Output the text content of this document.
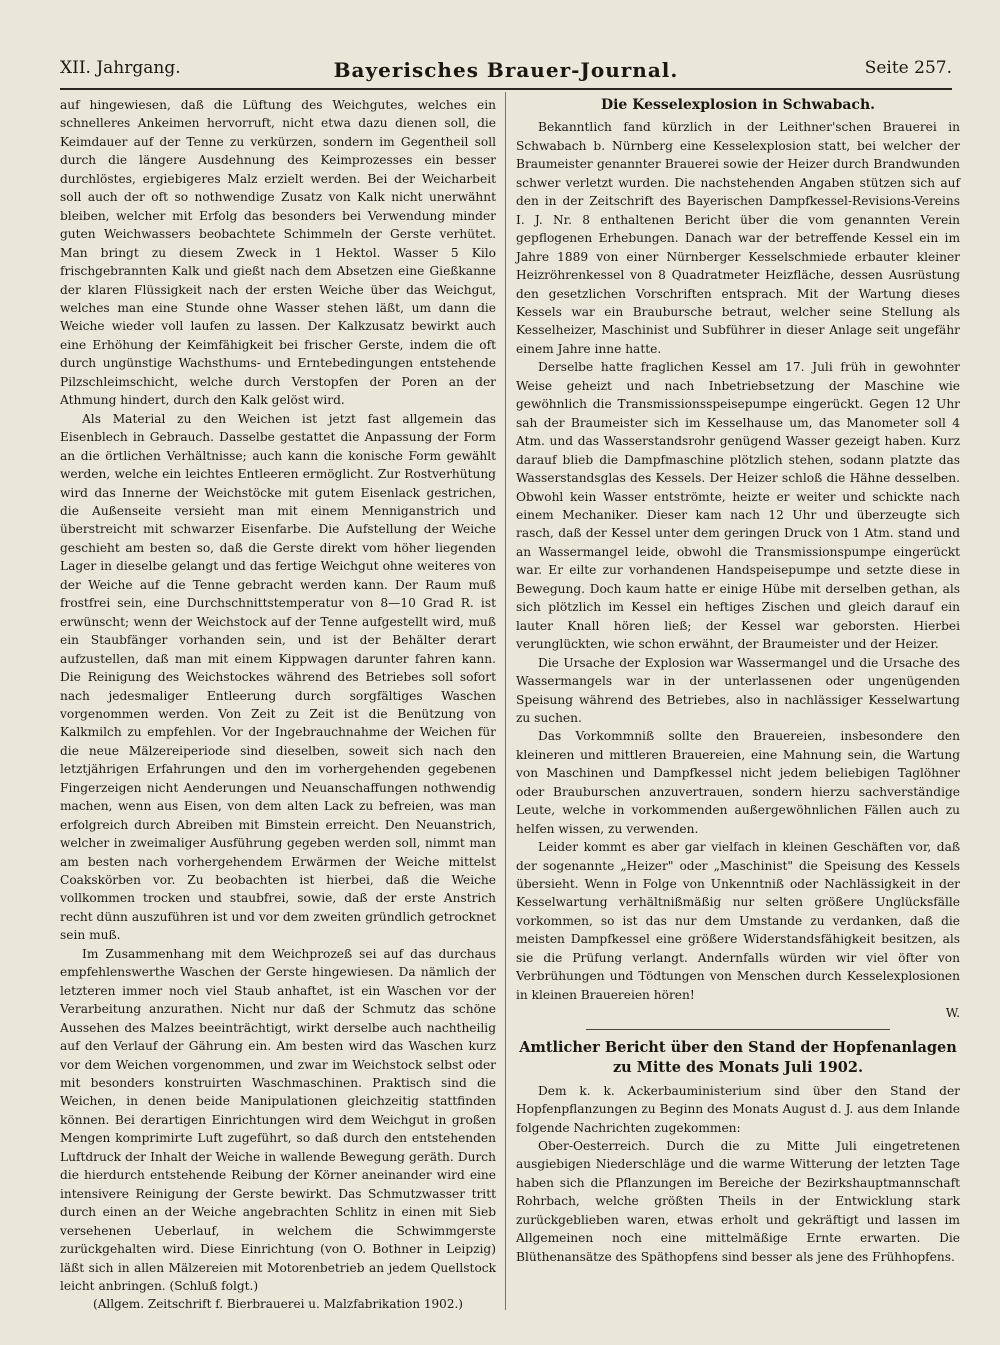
XII. Jahrgang.	Bayerisches Brauer-Journal.	Seite 257.

auf hingewiesen, daß die Lüftung des Weichgutes, welches ein schnelleres Ankeimen hervorruft, nicht etwa dazu dienen soll, die Keimdauer auf der Tenne zu verkürzen, sondern im Gegentheil soll durch die längere Ausdehnung des Keimprozesses ein besser durchlöstes, ergiebigeres Malz erzielt werden. Bei der Weicharbeit soll auch der oft so nothwendige Zusatz von Kalk nicht unerwähnt bleiben, welcher mit Erfolg das besonders bei Verwendung minder guten Weichwassers beobachtete Schimmeln der Gerste verhütet. Man bringt zu diesem Zweck in 1 Hektol. Wasser 5 Kilo frischgebrannten Kalk und gießt nach dem Absetzen eine Gießkanne der klaren Flüssigkeit nach der ersten Weiche über das Weichgut, welches man eine Stunde ohne Wasser stehen läßt, um dann die Weiche wieder voll laufen zu lassen. Der Kalkzusatz bewirkt auch eine Erhöhung der Keimfähigkeit bei frischer Gerste, indem die oft durch ungünstige Wachsthums- und Erntebedingungen entstehende Pilzschleimschicht, welche durch Verstopfen der Poren an der Athmung hindert, durch den Kalk gelöst wird.

Als Material zu den Weichen ist jetzt fast allgemein das Eisenblech in Gebrauch. Dasselbe gestattet die Anpassung der Form an die örtlichen Verhältnisse; auch kann die konische Form gewählt werden, welche ein leichtes Entleeren ermöglicht. Zur Rostverhütung wird das Innerne der Weichstöcke mit gutem Eisenlack gestrichen, die Außenseite versieht man mit einem Menniganstrich und überstreicht mit schwarzer Eisenfarbe. Die Aufstellung der Weiche geschieht am besten so, daß die Gerste direkt vom höher liegenden Lager in dieselbe gelangt und das fertige Weichgut ohne weiteres von der Weiche auf die Tenne gebracht werden kann. Der Raum muß frostfrei sein, eine Durchschnittstemperatur von 8—10 Grad R. ist erwünscht; wenn der Weichstock auf der Tenne aufgestellt wird, muß ein Staubfänger vorhanden sein, und ist der Behälter derart aufzustellen, daß man mit einem Kippwagen darunter fahren kann. Die Reinigung des Weichstockes während des Betriebes soll sofort nach jedesmaliger Entleerung durch sorgfältiges Waschen vorgenommen werden. Von Zeit zu Zeit ist die Benützung von Kalkmilch zu empfehlen. Vor der Ingebrauchnahme der Weichen für die neue Mälzereiperiode sind dieselben, soweit sich nach den letztjährigen Erfahrungen und den im vorhergehenden gegebenen Fingerzeigen nicht Aenderungen und Neuanschaffungen nothwendig machen, wenn aus Eisen, von dem alten Lack zu befreien, was man erfolgreich durch Abreiben mit Bimstein erreicht. Den Neuanstrich, welcher in zweimaliger Ausführung gegeben werden soll, nimmt man am besten nach vorhergehendem Erwärmen der Weiche mittelst Coakskörben vor. Zu beobachten ist hierbei, daß die Weiche vollkommen trocken und staubfrei, sowie, daß der erste Anstrich recht dünn auszuführen ist und vor dem zweiten gründlich getrocknet sein muß.

Im Zusammenhang mit dem Weichprozeß sei auf das durchaus empfehlenswerthe Waschen der Gerste hingewiesen. Da nämlich der letzteren immer noch viel Staub anhaftet, ist ein Waschen vor der Verarbeitung anzurathen. Nicht nur daß der Schmutz das schöne Aussehen des Malzes beeinträchtigt, wirkt derselbe auch nachtheilig auf den Verlauf der Gährung ein. Am besten wird das Waschen kurz vor dem Weichen vorgenommen, und zwar im Weichstock selbst oder mit besonders konstruirten Waschmaschinen. Praktisch sind die Weichen, in denen beide Manipulationen gleichzeitig stattfinden können. Bei derartigen Einrichtungen wird dem Weichgut in großen Mengen komprimirte Luft zugeführt, so daß durch den entstehenden Luftdruck der Inhalt der Weiche in wallende Bewegung geräth. Durch die hierdurch entstehende Reibung der Körner aneinander wird eine intensivere Reinigung der Gerste bewirkt. Das Schmutzwasser tritt durch einen an der Weiche angebrachten Schlitz in einen mit Sieb versehenen Ueberlauf, in welchem die Schwimmgerste zurückgehalten wird. Diese Einrichtung (von O. Bothner in Leipzig) läßt sich in allen Mälzereien mit Motorenbetrieb an jedem Quellstock leicht anbringen. (Schluß folgt.)

(Allgem. Zeitschrift f. Bierbrauerei u. Malzfabrikation 1902.)

Die Kesselexplosion in Schwabach.

Bekanntlich fand kürzlich in der Leithner'schen Brauerei in Schwabach b. Nürnberg eine Kesselexplosion statt, bei welcher der Braumeister genannter Brauerei sowie der Heizer durch Brandwunden schwer verletzt wurden. Die nachstehenden Angaben stützen sich auf den in der Zeitschrift des Bayerischen Dampfkessel-Revisions-Vereins I. J. Nr. 8 enthaltenen Bericht über die vom genannten Verein gepflogenen Erhebungen. Danach war der betreffende Kessel ein im Jahre 1889 von einer Nürnberger Kesselschmiede erbauter kleiner Heizröhrenkessel von 8 Quadratmeter Heizfläche, dessen Ausrüstung den gesetzlichen Vorschriften entsprach. Mit der Wartung dieses Kessels war ein Braubursche betraut, welcher seine Stellung als Kesselheizer, Maschinist und Subführer in dieser Anlage seit ungefähr einem Jahre inne hatte.

Derselbe hatte fraglichen Kessel am 17. Juli früh in gewohnter Weise geheizt und nach Inbetriebsetzung der Maschine wie gewöhnlich die Transmissionsspeisepumpe eingerückt. Gegen 12 Uhr sah der Braumeister sich im Kesselhause um, das Manometer soll 4 Atm. und das Wasserstandsrohr genügend Wasser gezeigt haben. Kurz darauf blieb die Dampfmaschine plötzlich stehen, sodann platzte das Wasserstandsglas des Kessels. Der Heizer schloß die Hähne desselben. Obwohl kein Wasser entströmte, heizte er weiter und schickte nach einem Mechaniker. Dieser kam nach 12 Uhr und überzeugte sich rasch, daß der Kessel unter dem geringen Druck von 1 Atm. stand und an Wassermangel leide, obwohl die Transmissionspumpe eingerückt war. Er eilte zur vorhandenen Handspeisepumpe und setzte diese in Bewegung. Doch kaum hatte er einige Hübe mit derselben gethan, als sich plötzlich im Kessel ein heftiges Zischen und gleich darauf ein lauter Knall hören ließ; der Kessel war geborsten. Hierbei verunglückten, wie schon erwähnt, der Braumeister und der Heizer.

Die Ursache der Explosion war Wassermangel und die Ursache des Wassermangels war in der unterlassenen oder ungenügenden Speisung während des Betriebes, also in nachlässiger Kesselwartung zu suchen.

Das Vorkommniß sollte den Brauereien, insbesondere den kleineren und mittleren Brauereien, eine Mahnung sein, die Wartung von Maschinen und Dampfkessel nicht jedem beliebigen Taglöhner oder Brauburschen anzuvertrauen, sondern hierzu sachverständige Leute, welche in vorkommenden außergewöhnlichen Fällen auch zu helfen wissen, zu verwenden.

Leider kommt es aber gar vielfach in kleinen Geschäften vor, daß der sogenannte „Heizer" oder „Maschinist" die Speisung des Kessels übersieht. Wenn in Folge von Unkenntniß oder Nachlässigkeit in der Kesselwartung verhältnißmäßig nur selten größere Unglücksfälle vorkommen, so ist das nur dem Umstande zu verdanken, daß die meisten Dampfkessel eine größere Widerstandsfähigkeit besitzen, als sie die Prüfung verlangt. Andernfalls würden wir viel öfter von Verbrühungen und Tödtungen von Menschen durch Kesselexplosionen in kleinen Brauereien hören!

W.

Amtlicher Bericht über den Stand der Hopfenanlagen zu Mitte des Monats Juli 1902.

Dem k. k. Ackerbauministerium sind über den Stand der Hopfenpflanzungen zu Beginn des Monats August d. J. aus dem Inlande folgende Nachrichten zugekommen:

Ober-Oesterreich. Durch die zu Mitte Juli eingetretenen ausgiebigen Niederschläge und die warme Witterung der letzten Tage haben sich die Pflanzungen im Bereiche der Bezirkshauptmannschaft Rohrbach, welche größten Theils in der Entwicklung stark zurückgeblieben waren, etwas erholt und gekräftigt und lassen im Allgemeinen noch eine mittelmäßige Ernte erwarten. Die Blüthenansätze des Späthopfens sind besser als jene des Frühhopfens.
